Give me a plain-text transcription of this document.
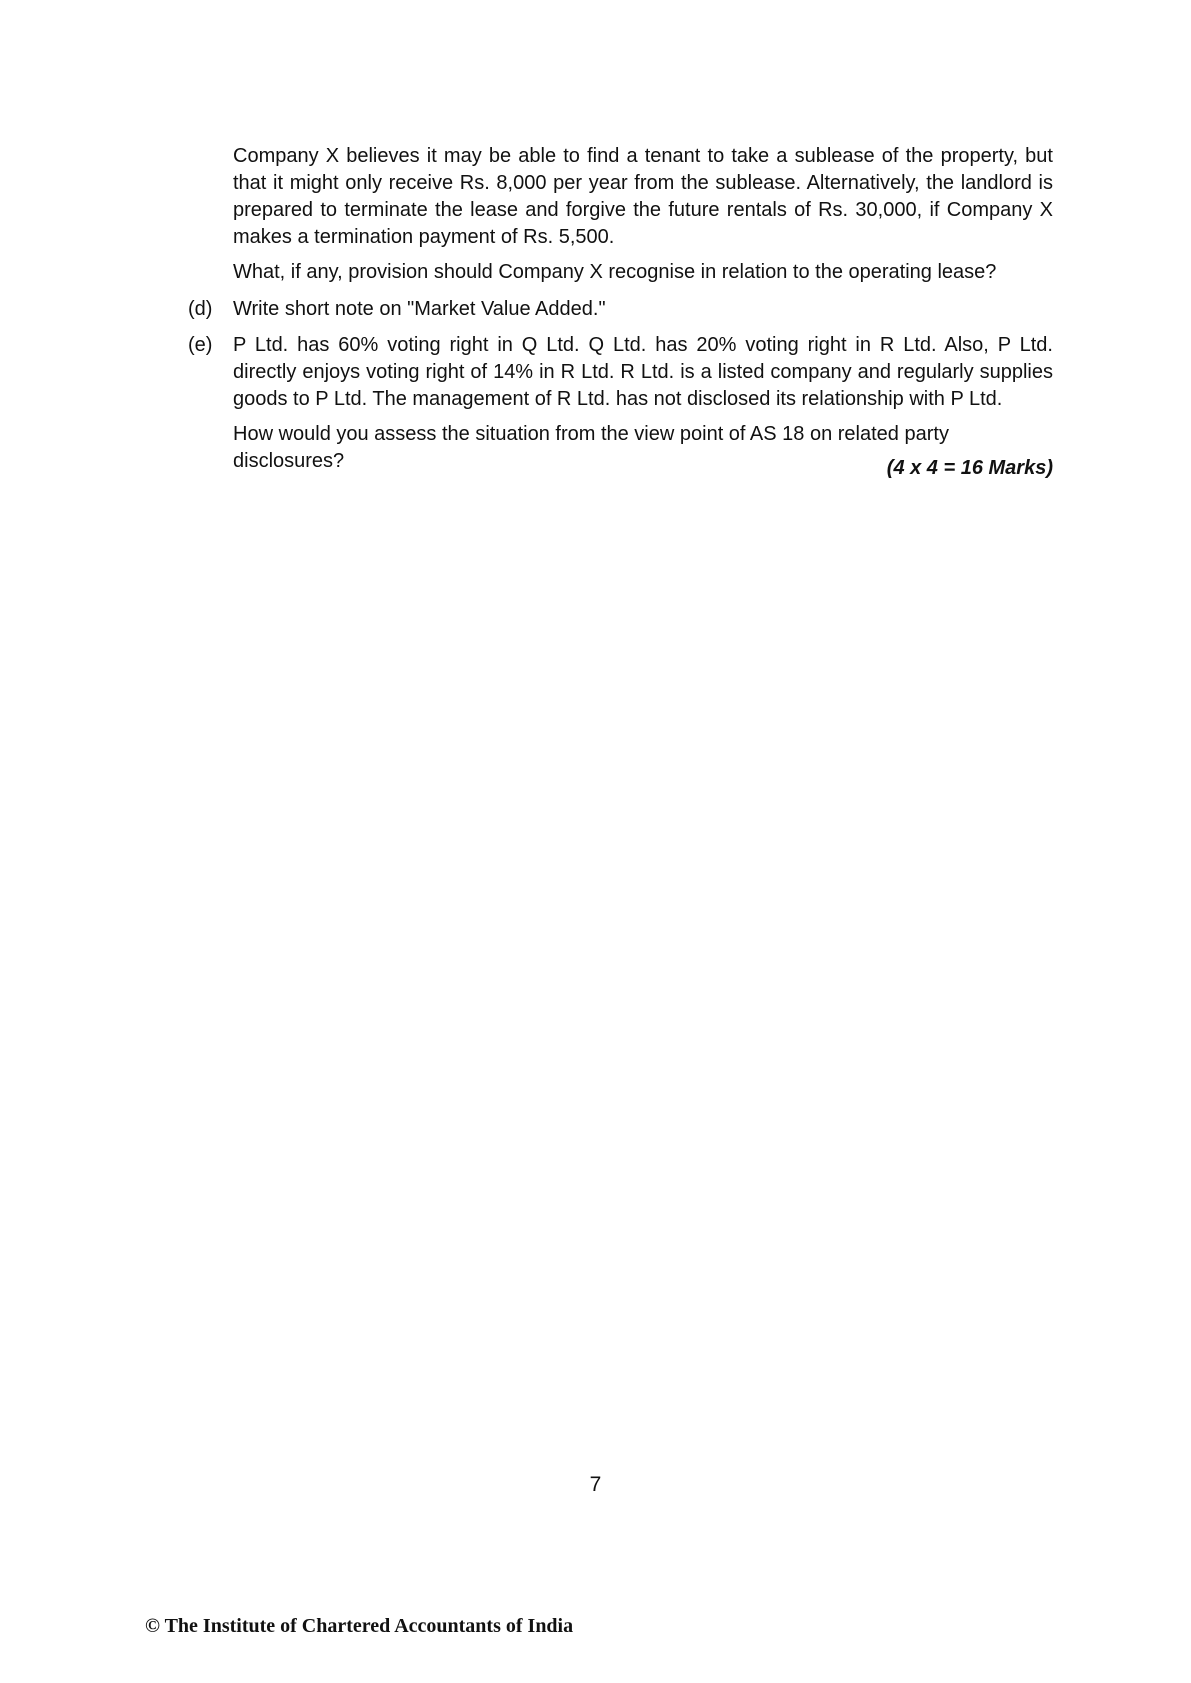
Company X believes it may be able to find a tenant to take a sublease of the property, but that it might only receive Rs. 8,000 per year from the sublease. Alternatively, the landlord is prepared to terminate the lease and forgive the future rentals of Rs. 30,000, if Company X makes a termination payment of Rs. 5,500.

What, if any, provision should Company X recognise in relation to the operating lease?

(d)	Write short note on "Market Value Added."
(e)	P Ltd. has 60% voting right in Q Ltd. Q Ltd. has 20% voting right in R Ltd. Also, P Ltd. directly enjoys voting right of 14% in R Ltd. R Ltd. is a listed company and regularly supplies goods to P Ltd. The management of R Ltd. has not disclosed its relationship with P Ltd.

How would you assess the situation from the view point of AS 18 on related party disclosures?	(4 x 4 = 16 Marks)
7
© The Institute of Chartered Accountants of India
